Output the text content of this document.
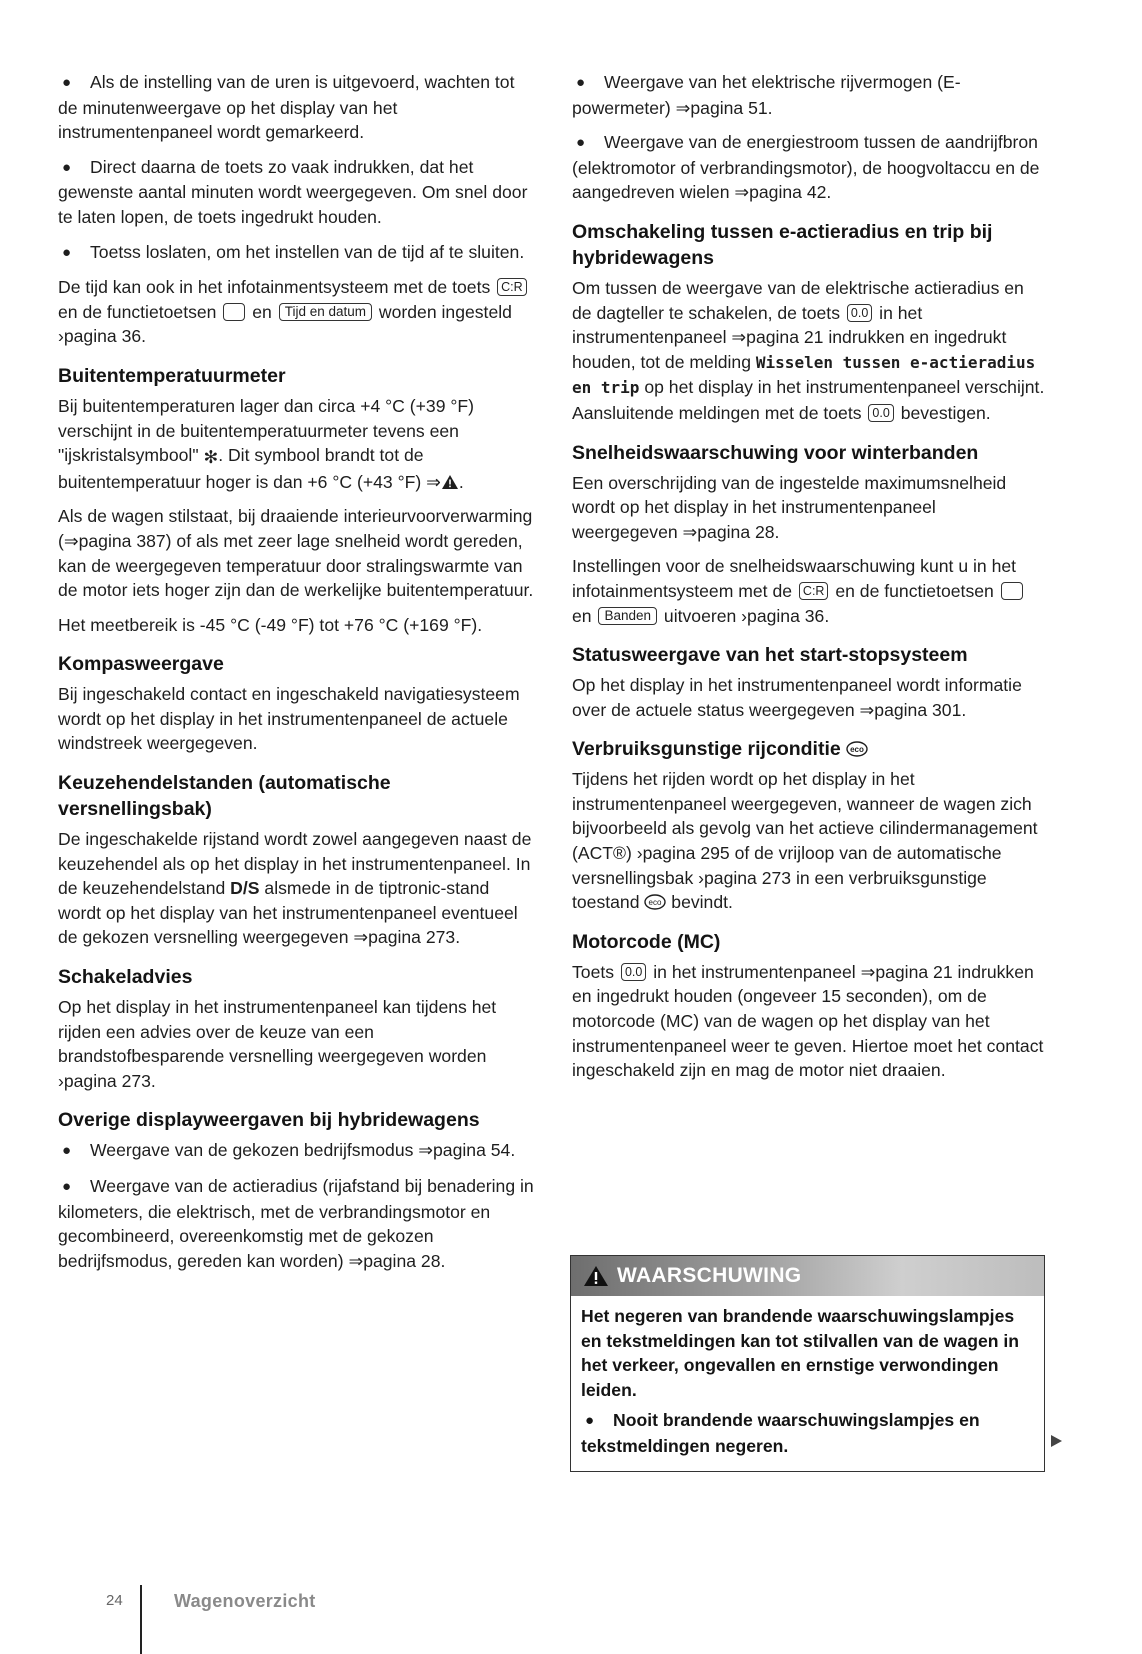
● Als de instelling van de uren is uitgevoerd, wachten tot de minutenweergave op het display van het instrumentenpaneel wordt gemarkeerd.

● Direct daarna de toets zo vaak indrukken, dat het gewenste aantal minuten wordt weergegeven. Om snel door te laten lopen, de toets ingedrukt houden.

● Toetss loslaten, om het instellen van de tijd af te sluiten.

De tijd kan ook in het infotainmentsysteem met de toets C:R en de functietoetsen en Tijd en datum worden ingesteld ›pagina 36.

Buitentemperatuurmeter

Bij buitentemperaturen lager dan circa +4 °C (+39 °F) verschijnt in de buitentemperatuurmeter tevens een "ijskristalsymbool" ✻. Dit symbool brandt tot de buitentemperatuur hoger is dan +6 °C (+43 °F) ⇒ .

Als de wagen stilstaat, bij draaiende interieurvoorverwarming (⇒pagina 387) of als met zeer lage snelheid wordt gereden, kan de weergegeven temperatuur door stralingswarmte van de motor iets hoger zijn dan de werkelijke buitentemperatuur.

Het meetbereik is -45 °C (-49 °F) tot +76 °C (+169 °F).

Kompasweergave

Bij ingeschakeld contact en ingeschakeld navigatiesysteem wordt op het display in het instrumentenpaneel de actuele windstreek weergegeven.

Keuzehendelstanden (automatische versnellingsbak)

De ingeschakelde rijstand wordt zowel aangegeven naast de keuzehendel als op het display in het instrumentenpaneel. In de keuzehendelstand D/S alsmede in de tiptronic-stand wordt op het display van het instrumentenpaneel eventueel de gekozen versnelling weergegeven ⇒pagina 273.

Schakeladvies

Op het display in het instrumentenpaneel kan tijdens het rijden een advies over de keuze van een brandstofbesparende versnelling weergegeven worden ›pagina 273.

Overige displayweergaven bij hybridewagens

● Weergave van de gekozen bedrijfsmodus ⇒pagina 54.

● Weergave van de actieradius (rijafstand bij benadering in kilometers, die elektrisch, met de verbrandingsmotor en gecombineerd, overeenkomstig met de gekozen bedrijfsmodus, gereden kan worden) ⇒pagina 28.

● Weergave van het elektrische rijvermogen (E-powermeter) ⇒pagina 51.

● Weergave van de energiestroom tussen de aandrijfbron (elektromotor of verbrandingsmotor), de hoogvoltaccu en de aangedreven wielen ⇒pagina 42.

Omschakeling tussen e-actieradius en trip bij hybridewagens

Om tussen de weergave van de elektrische actieradius en de dagteller te schakelen, de toets 0.0 in het instrumentenpaneel ⇒pagina 21 indrukken en ingedrukt houden, tot de melding Wisselen tussen e-actieradius en trip op het display in het instrumentenpaneel verschijnt. Aansluitende meldingen met de toets 0.0 bevestigen.

Snelheidswaarschuwing voor winterbanden

Een overschrijding van de ingestelde maximumsnelheid wordt op het display in het instrumentenpaneel weergegeven ⇒pagina 28.

Instellingen voor de snelheidswaarschuwing kunt u in het infotainmentsysteem met de C:R en de functietoetsen   en Banden uitvoeren ›pagina 36.

Statusweergave van het start-stopsysteem

Op het display in het instrumentenpaneel wordt informatie over de actuele status weergegeven ⇒pagina 301.

Verbruiksgunstige rijconditie eco

Tijdens het rijden wordt op het display in het instrumentenpaneel weergegeven, wanneer de wagen zich bijvoorbeeld als gevolg van het actieve cilindermanagement (ACT®) ›pagina 295 of de vrijloop van de automatische versnellingsbak ›pagina 273 in een verbruiksgunstige toestand eco bevindt.

Motorcode (MC)

Toets 0.0 in het instrumentenpaneel ⇒pagina 21 indrukken en ingedrukt houden (ongeveer 15 seconden), om de motorcode (MC) van de wagen op het display van het instrumentenpaneel weer te geven. Hiertoe moet het contact ingeschakeld zijn en mag de motor niet draaien.

WAARSCHUWING

Het negeren van brandende waarschuwingslampjes en tekstmeldingen kan tot stilvallen van de wagen in het verkeer, ongevallen en ernstige verwondingen leiden.

● Nooit brandende waarschuwingslampjes en tekstmeldingen negeren.

24	Wagenoverzicht
